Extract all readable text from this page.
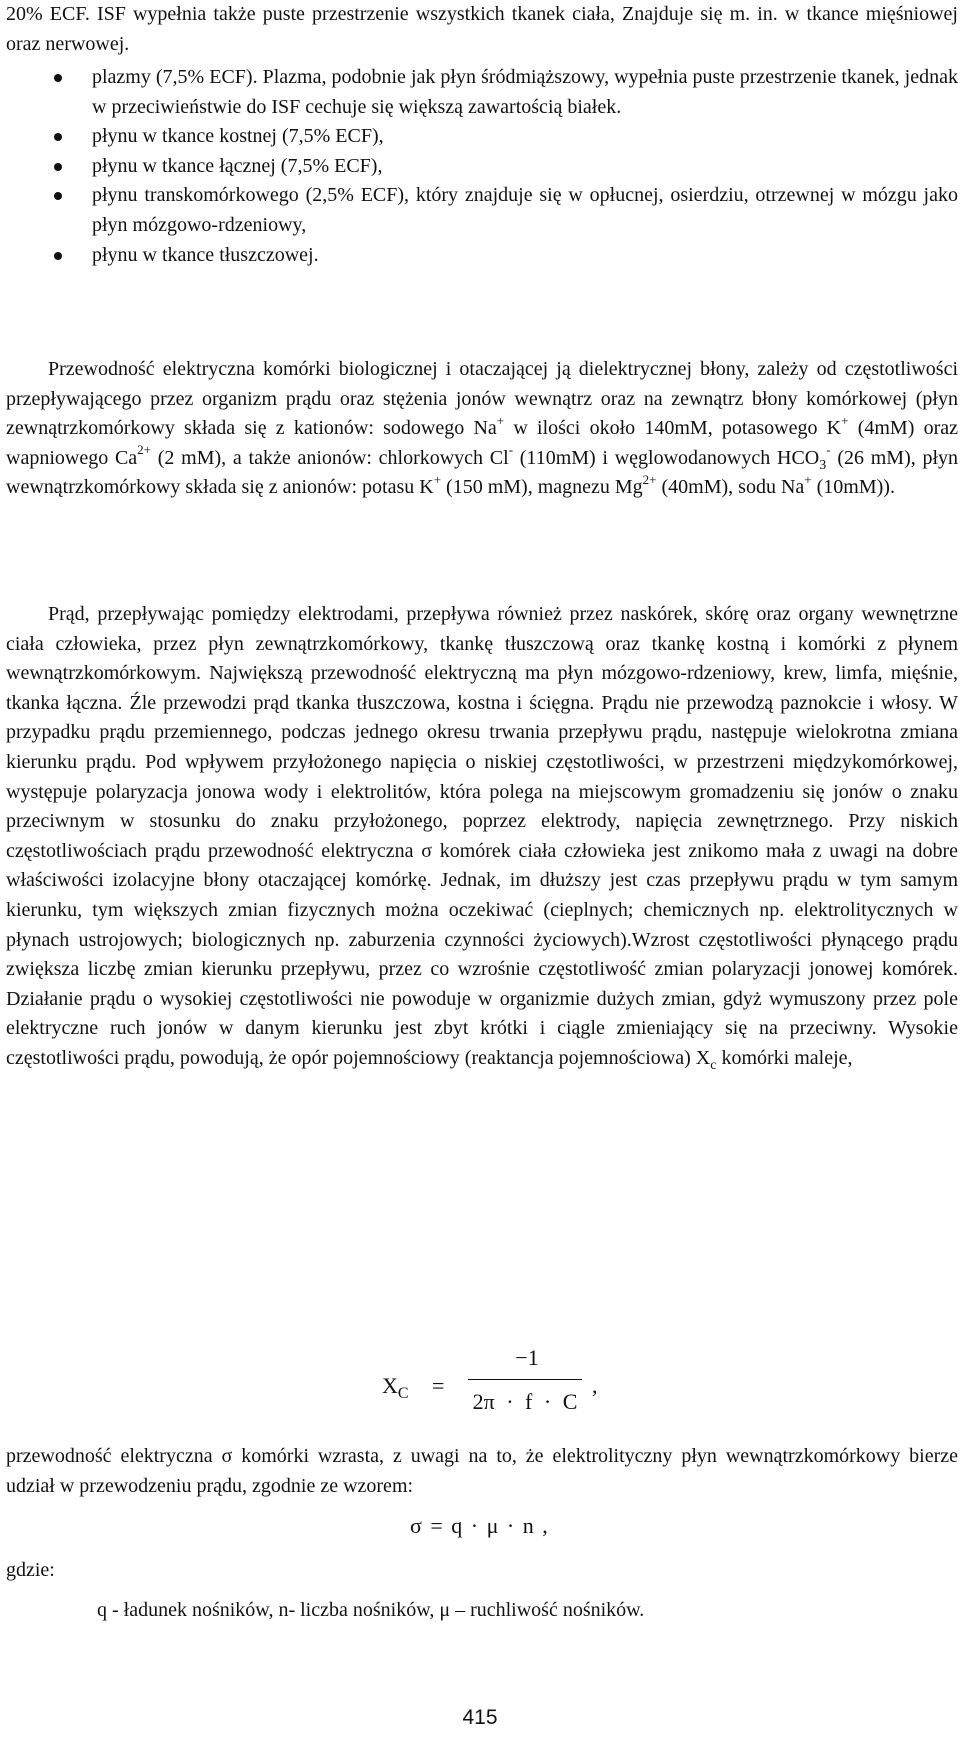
20% ECF. ISF wypełnia także puste przestrzenie wszystkich tkanek ciała, Znajduje się m. in. w tkance mięśniowej oraz nerwowej.

plazmy (7,5% ECF). Plazma, podobnie jak płyn śródmiąższowy, wypełnia puste przestrzenie tkanek, jednak w przeciwieństwie do ISF cechuje się większą zawartością białek.
płynu w tkance kostnej (7,5% ECF),
płynu w tkance łącznej (7,5% ECF),
płynu transkomórkowego (2,5% ECF), który znajduje się w opłucnej, osierdziu, otrzewnej w mózgu jako płyn mózgowo-rdzeniowy,
płynu w tkance tłuszczowej.

Przewodność elektryczna komórki biologicznej i otaczającej ją dielektrycznej błony, zależy od częstotliwości przepływającego przez organizm prądu oraz stężenia jonów wewnątrz oraz na zewnątrz błony komórkowej (płyn zewnątrzkomórkowy składa się z kationów: sodowego Na+ w ilości około 140mM, potasowego K+ (4mM) oraz wapniowego $Ca^{2+}$ (2 mM), a także anionów: chlorkowych Cl- (110mM) i węglowodanowych $HCO_3^-$ (26 mM), płyn wewnątrzkomórkowy składa się z anionów: potasu K+ (150 mM), magnezu $Mg^{2+}$ (40mM), sodu Na+ (10mM)).

Prąd, przepływając pomiędzy elektrodami, przepływa również przez naskórek, skórę oraz organy wewnętrzne ciała człowieka, przez płyn zewnątrzkomórkowy, tkankę tłuszczową oraz tkankę kostną i komórki z płynem wewnątrzkomórkowym. Największą przewodność elektryczną ma płyn mózgowo-rdzeniowy, krew, limfa, mięśnie, tkanka łączna. Źle przewodzi prąd tkanka tłuszczowa, kostna i ścięgna. Prądu nie przewodzą paznokcie i włosy. W przypadku prądu przemiennego, podczas jednego okresu trwania przepływu prądu, następuje wielokrotna zmiana kierunku prądu. Pod wpływem przyłożonego napięcia o niskiej częstotliwości, w przestrzeni międzykomórkowej, występuje polaryzacja jonowa wody i elektrolitów, która polega na miejscowym gromadzeniu się jonów o znaku przeciwnym w stosunku do znaku przyłożonego, poprzez elektrody, napięcia zewnętrznego. Przy niskich częstotliwościach prądu przewodność elektryczna σ komórek ciała człowieka jest znikomo mała z uwagi na dobre właściwości izolacyjne błony otaczającej komórkę. Jednak, im dłuższy jest czas przepływu prądu w tym samym kierunku, tym większych zmian fizycznych można oczekiwać (cieplnych; chemicznych np. elektrolitycznych w płynach ustrojowych; biologicznych np. zaburzenia czynności życiowych).Wzrost częstotliwości płynącego prądu zwiększa liczbę zmian kierunku przepływu, przez co wzrośnie częstotliwość zmian polaryzacji jonowej komórek. Działanie prądu o wysokiej częstotliwości nie powoduje w organizmie dużych zmian, gdyż wymuszony przez pole elektryczne ruch jonów w danym kierunku jest zbyt krótki i ciągle zmieniający się na przeciwny. Wysokie częstotliwości prądu, powodują, że opór pojemnościowy (reaktancja pojemnościowa) $X_c$ komórki maleje,

$X_C$ =
−1
2π · f · C
,

przewodność elektryczna σ komórki wzrasta, z uwagi na to, że elektrolityczny płyn wewnątrzkomórkowy bierze udział w przewodzeniu prądu, zgodnie ze wzorem:

σ = q · μ · n ,
gdzie:
q - ładunek nośników, n- liczba nośników, μ – ruchliwość nośników.
415
